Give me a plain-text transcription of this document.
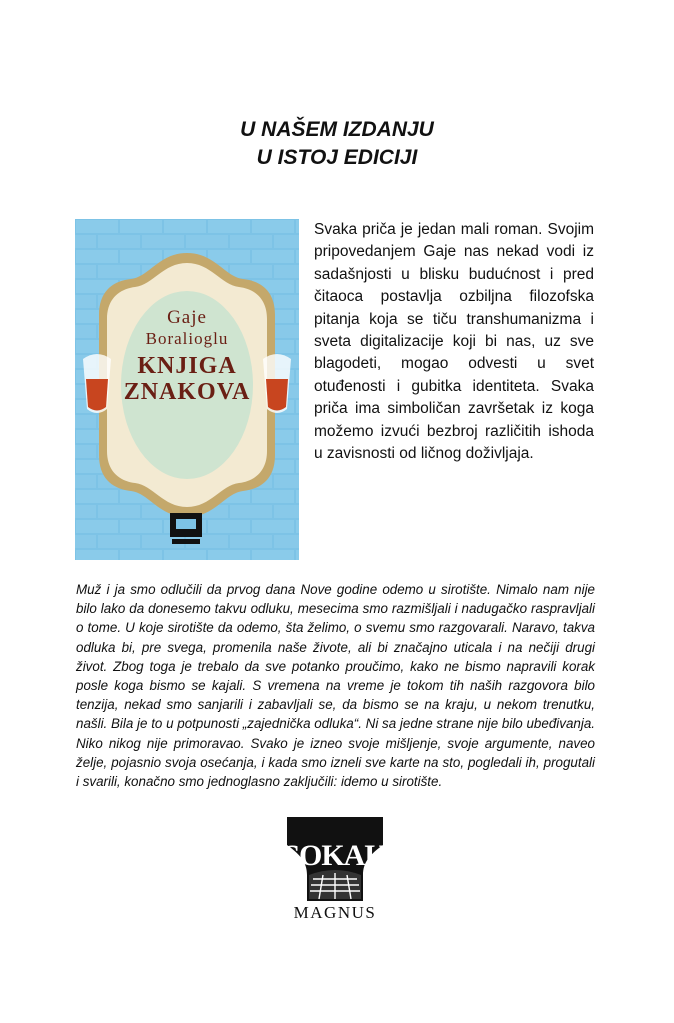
U NAŠEM IZDANJU
U ISTOJ EDICIJI
Gaje
Boralioglu
KNJIGA
ZNAKOVA
Svaka priča je jedan mali roman. Svojim pripovedanjem Gaje nas nekad vodi iz sadašnjosti u blisku budućnost i pred čitaoca postavlja ozbiljna filozofska pitanja koja se tiču transhumanizma i sveta digitalizacije koji bi nas, uz sve blagodeti, mogao odvesti u svet otuđenosti i gubitka identiteta. Svaka priča ima simboličan završetak iz koga možemo izvući bezbroj različitih ishoda u zavisnosti od ličnog doživljaja.
Muž i ja smo odlučili da prvog dana Nove godine odemo u sirotište. Nimalo nam nije bilo lako da donesemo takvu odluku, mesecima smo razmišljali i nadugačko raspravljali o tome. U koje sirotište da odemo, šta želimo, o svemu smo razgovarali. Naravo, takva odluka bi, pre svega, promenila naše živote, ali bi značajno uticala i na nečiji drugi život. Zbog toga je trebalo da sve potanko proučimo, kako ne bismo napravili korak posle koga bismo se kajali. S vremena na vreme je tokom tih naših razgovora bilo tenzija, nekad smo sanjarili i zabavljali se, da bismo se na kraju, u nekom trenutku, našli. Bila je to u potpunosti „zajednička odluka“. Ni sa jedne strane nije bilo ubeđivanja. Niko nikog nije primoravao. Svako je izneo svoje mišljenje, svoje argumente, naveo želje, pojasnio svoja osećanja, i kada smo izneli sve karte na sto, pogledali ih, progutali i svarili, konačno smo jednoglasno zaključili: idemo u sirotište.
SOKAK
MAGNUS
